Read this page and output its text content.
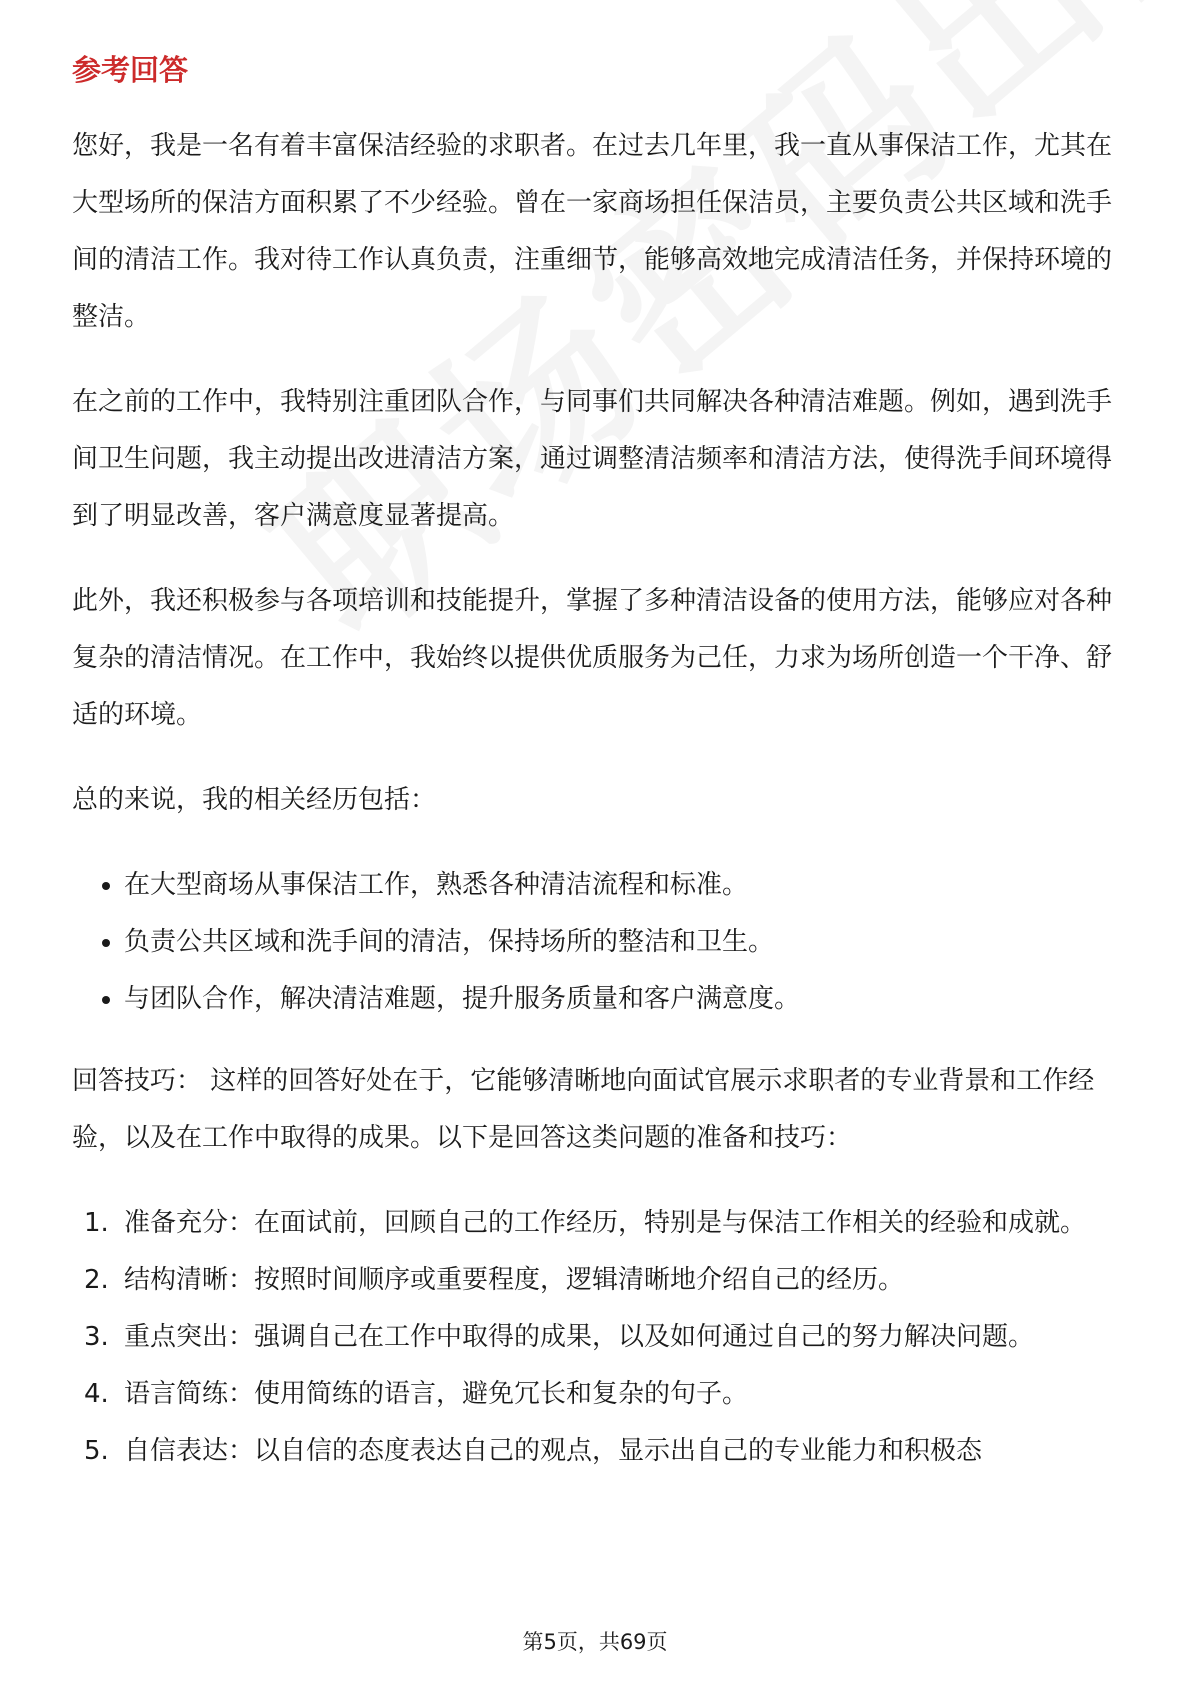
参考回答

您好，我是一名有着丰富保洁经验的求职者。在过去几年里，我一直从事保洁工作，尤其在大型场所的保洁方面积累了不少经验。曾在一家商场担任保洁员，主要负责公共区域和洗手间的清洁工作。我对待工作认真负责，注重细节，能够高效地完成清洁任务，并保持环境的整洁。

在之前的工作中，我特别注重团队合作，与同事们共同解决各种清洁难题。例如，遇到洗手间卫生问题，我主动提出改进清洁方案，通过调整清洁频率和清洁方法，使得洗手间环境得到了明显改善，客户满意度显著提高。

此外，我还积极参与各项培训和技能提升，掌握了多种清洁设备的使用方法，能够应对各种复杂的清洁情况。在工作中，我始终以提供优质服务为己任，力求为场所创造一个干净、舒适的环境。

总的来说，我的相关经历包括：

• 在大型商场从事保洁工作，熟悉各种清洁流程和标准。
• 负责公共区域和洗手间的清洁，保持场所的整洁和卫生。
• 与团队合作，解决清洁难题，提升服务质量和客户满意度。

回答技巧： 这样的回答好处在于，它能够清晰地向面试官展示求职者的专业背景和工作经验，以及在工作中取得的成果。以下是回答这类问题的准备和技巧：

1. 准备充分：在面试前，回顾自己的工作经历，特别是与保洁工作相关的经验和成就。
2. 结构清晰：按照时间顺序或重要程度，逻辑清晰地介绍自己的经历。
3. 重点突出：强调自己在工作中取得的成果，以及如何通过自己的努力解决问题。
4. 语言简练：使用简练的语言，避免冗长和复杂的句子。
5. 自信表达：以自信的态度表达自己的观点，显示出自己的专业能力和积极态
第5页，共69页
